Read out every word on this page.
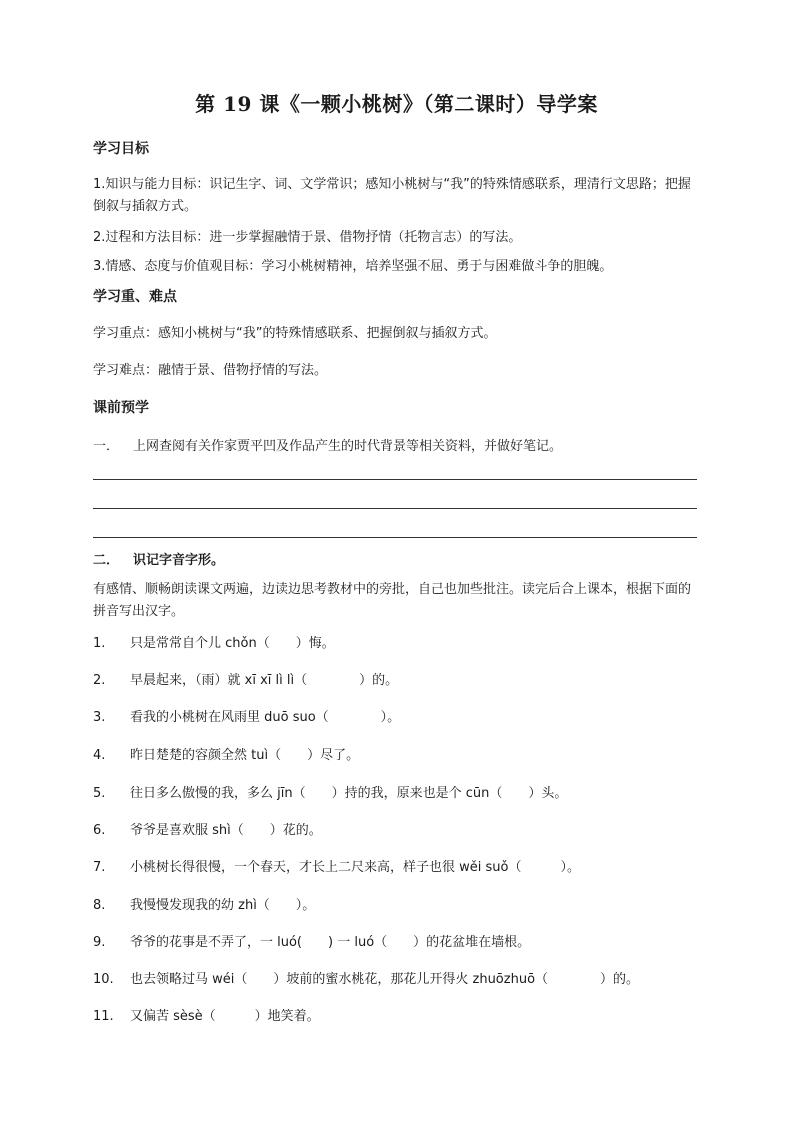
第 19 课《一颗小桃树》（第二课时）导学案
学习目标
1.知识与能力目标：识记生字、词、文学常识；感知小桃树与“我”的特殊情感联系，理清行文思路；把握倒叙与插叙方式。
2.过程和方法目标：进一步掌握融情于景、借物抒情（托物言志）的写法。
3.情感、态度与价值观目标：学习小桃树精神，培养坚强不屈、勇于与困难做斗争的胆魄。
学习重、难点
学习重点：感知小桃树与“我”的特殊情感联系、把握倒叙与插叙方式。
学习难点：融情于景、借物抒情的写法。
课前预学
一． 上网查阅有关作家贾平凹及作品产生的时代背景等相关资料，并做好笔记。
二． 识记字音字形。
有感情、顺畅朗读课文两遍，边读边思考教材中的旁批，自己也加些批注。读完后合上课本，根据下面的拼音写出汉字。
1. 只是常常自个儿 chǒn（　　）悔。
2. 早晨起来，（雨）就 xī xī lì lì（　　　　）的。
3. 看我的小桃树在风雨里 duō suo（　　　　）。
4. 昨日楚楚的容颜全然 tuì（　　）尽了。
5. 往日多么傲慢的我，多么 jīn（　　）持的我，原来也是个 cūn（　　）头。
6. 爷爷是喜欢服 shì（　　）花的。
7. 小桃树长得很慢，一个春天，才长上二尺来高，样子也很 wěi suǒ（　　　）。
8. 我慢慢发现我的幼 zhì（　　）。
9. 爷爷的花事是不弄了，一 luó(　　) 一 luó（　　）的花盆堆在墙根。
10. 也去领略过马 wéi（　　）坡前的蜜水桃花，那花儿开得火 zhuōzhuō（　　　　）的。
11. 又偏苦 sèsè（　　　）地笑着。
